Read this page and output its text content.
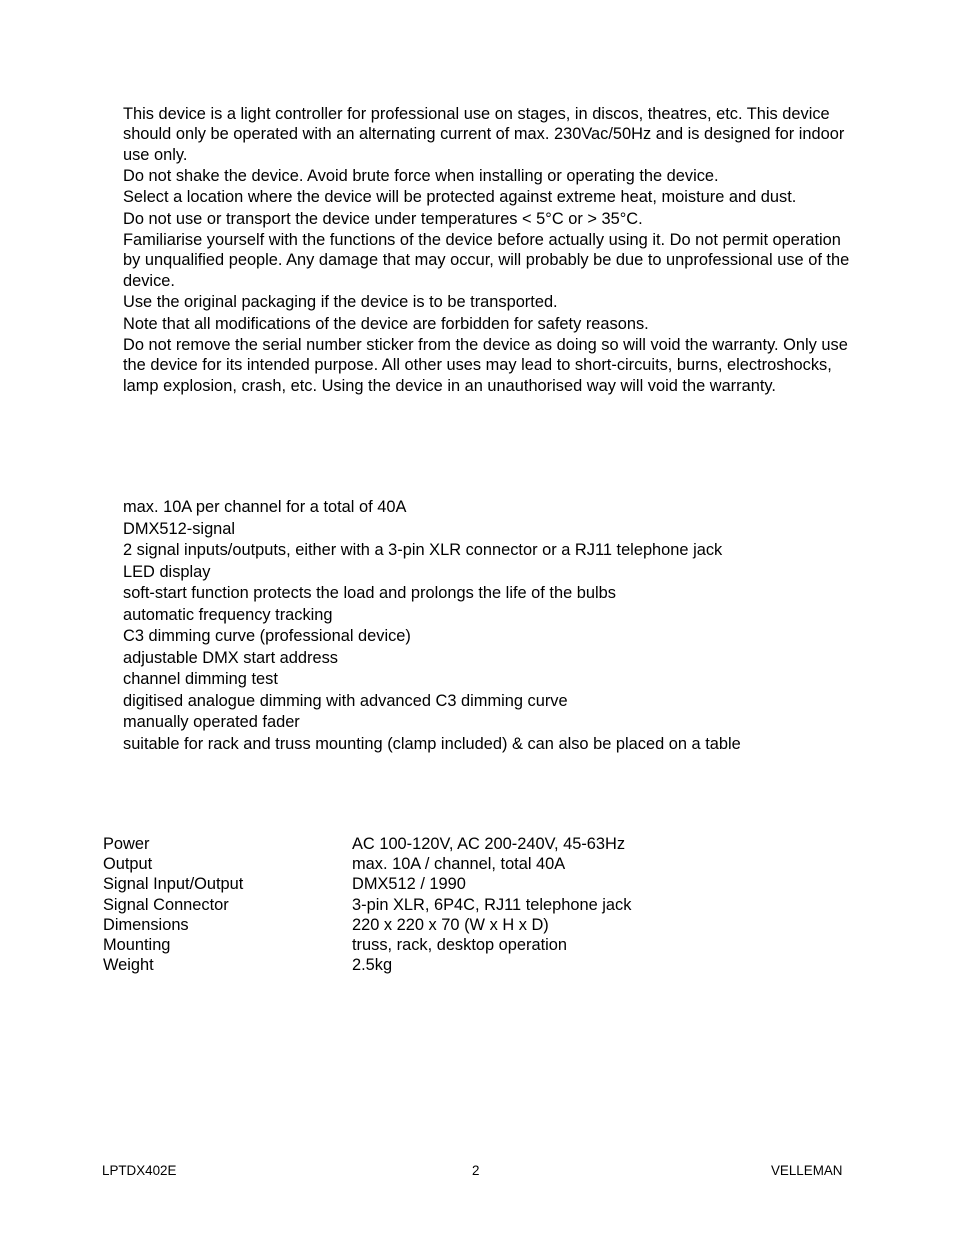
This device is a light controller for professional use on stages, in discos, theatres, etc. This device should only be operated with an alternating current of max. 230Vac/50Hz and is designed for indoor use only.

Do not shake the device. Avoid brute force when installing or operating the device.

Select a location where the device will be protected against extreme heat, moisture and dust.

Do not use or transport the device under temperatures < 5°C or > 35°C.

Familiarise yourself with the functions of the device before actually using it. Do not permit operation by unqualified people. Any damage that may occur, will probably be due to unprofessional use of the device.

Use the original packaging if the device is to be transported.

Note that all modifications of the device are forbidden for safety reasons.

Do not remove the serial number sticker from the device as doing so will void the warranty. Only use the device for its intended purpose. All other uses may lead to short-circuits, burns, electroshocks, lamp explosion, crash, etc. Using the device in an unauthorised way will void the warranty.

max. 10A per channel for a total of 40A
DMX512-signal
2 signal inputs/outputs, either with a 3-pin XLR connector or a RJ11 telephone jack
LED display
soft-start function protects the load and prolongs the life of the bulbs
automatic frequency tracking
C3 dimming curve (professional device)
adjustable DMX start address
channel dimming test
digitised analogue dimming with advanced C3 dimming curve
manually operated fader
suitable for rack and truss mounting (clamp included) & can also be placed on a table
Power	AC 100-120V, AC 200-240V, 45-63Hz
Output	max. 10A / channel, total 40A
Signal Input/Output	DMX512 / 1990
Signal Connector	3-pin XLR, 6P4C, RJ11 telephone jack
Dimensions	220 x 220 x 70 (W x H x D)
Mounting	truss, rack, desktop operation
Weight	2.5kg
LPTDX402E	2	VELLEMAN
